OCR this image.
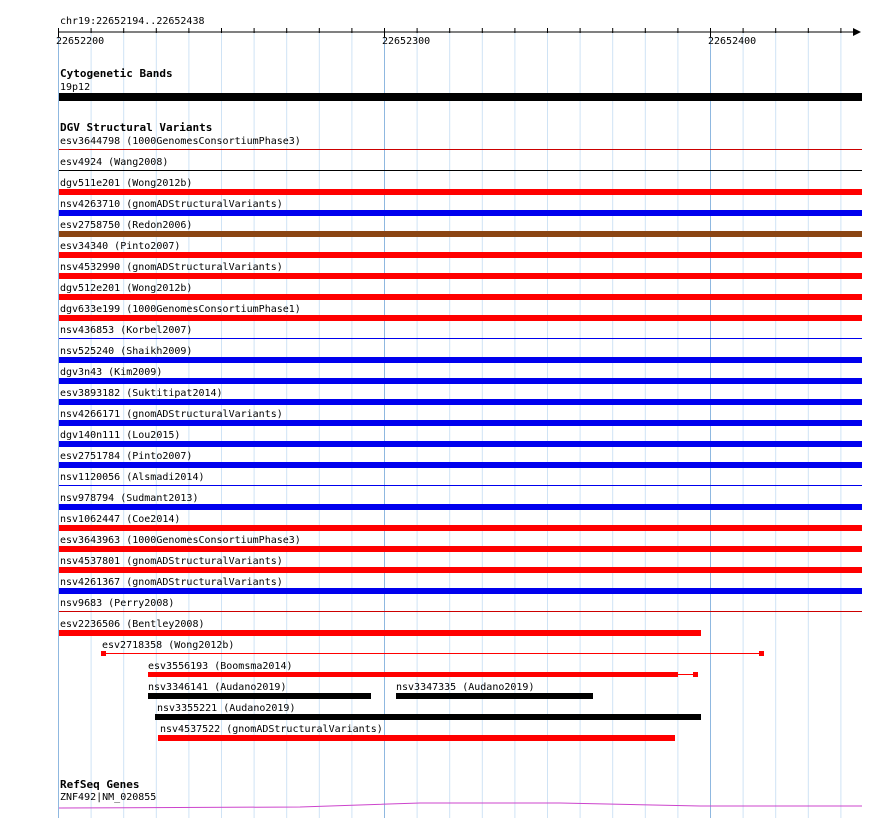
chr19:22652194..22652438
22652200	22652300	22652400
Cytogenetic Bands
19p12
DGV Structural Variants
esv3644798 (1000GenomesConsortiumPhase3)
esv4924 (Wang2008)
dgv511e201 (Wong2012b)
nsv4263710 (gnomADStructuralVariants)
esv2758750 (Redon2006)
esv34340 (Pinto2007)
nsv4532990 (gnomADStructuralVariants)
dgv512e201 (Wong2012b)
dgv633e199 (1000GenomesConsortiumPhase1)
nsv436853 (Korbel2007)
nsv525240 (Shaikh2009)
dgv3n43 (Kim2009)
esv3893182 (Suktitipat2014)
nsv4266171 (gnomADStructuralVariants)
dgv140n111 (Lou2015)
esv2751784 (Pinto2007)
nsv1120056 (Alsmadi2014)
nsv978794 (Sudmant2013)
nsv1062447 (Coe2014)
esv3643963 (1000GenomesConsortiumPhase3)
nsv4537801 (gnomADStructuralVariants)
nsv4261367 (gnomADStructuralVariants)
nsv9683 (Perry2008)
esv2236506 (Bentley2008)
esv2718358 (Wong2012b)
esv3556193 (Boomsma2014)
nsv3346141 (Audano2019)	nsv3347335 (Audano2019)
nsv3355221 (Audano2019)
nsv4537522 (gnomADStructuralVariants)
RefSeq Genes
ZNF492|NM_020855
